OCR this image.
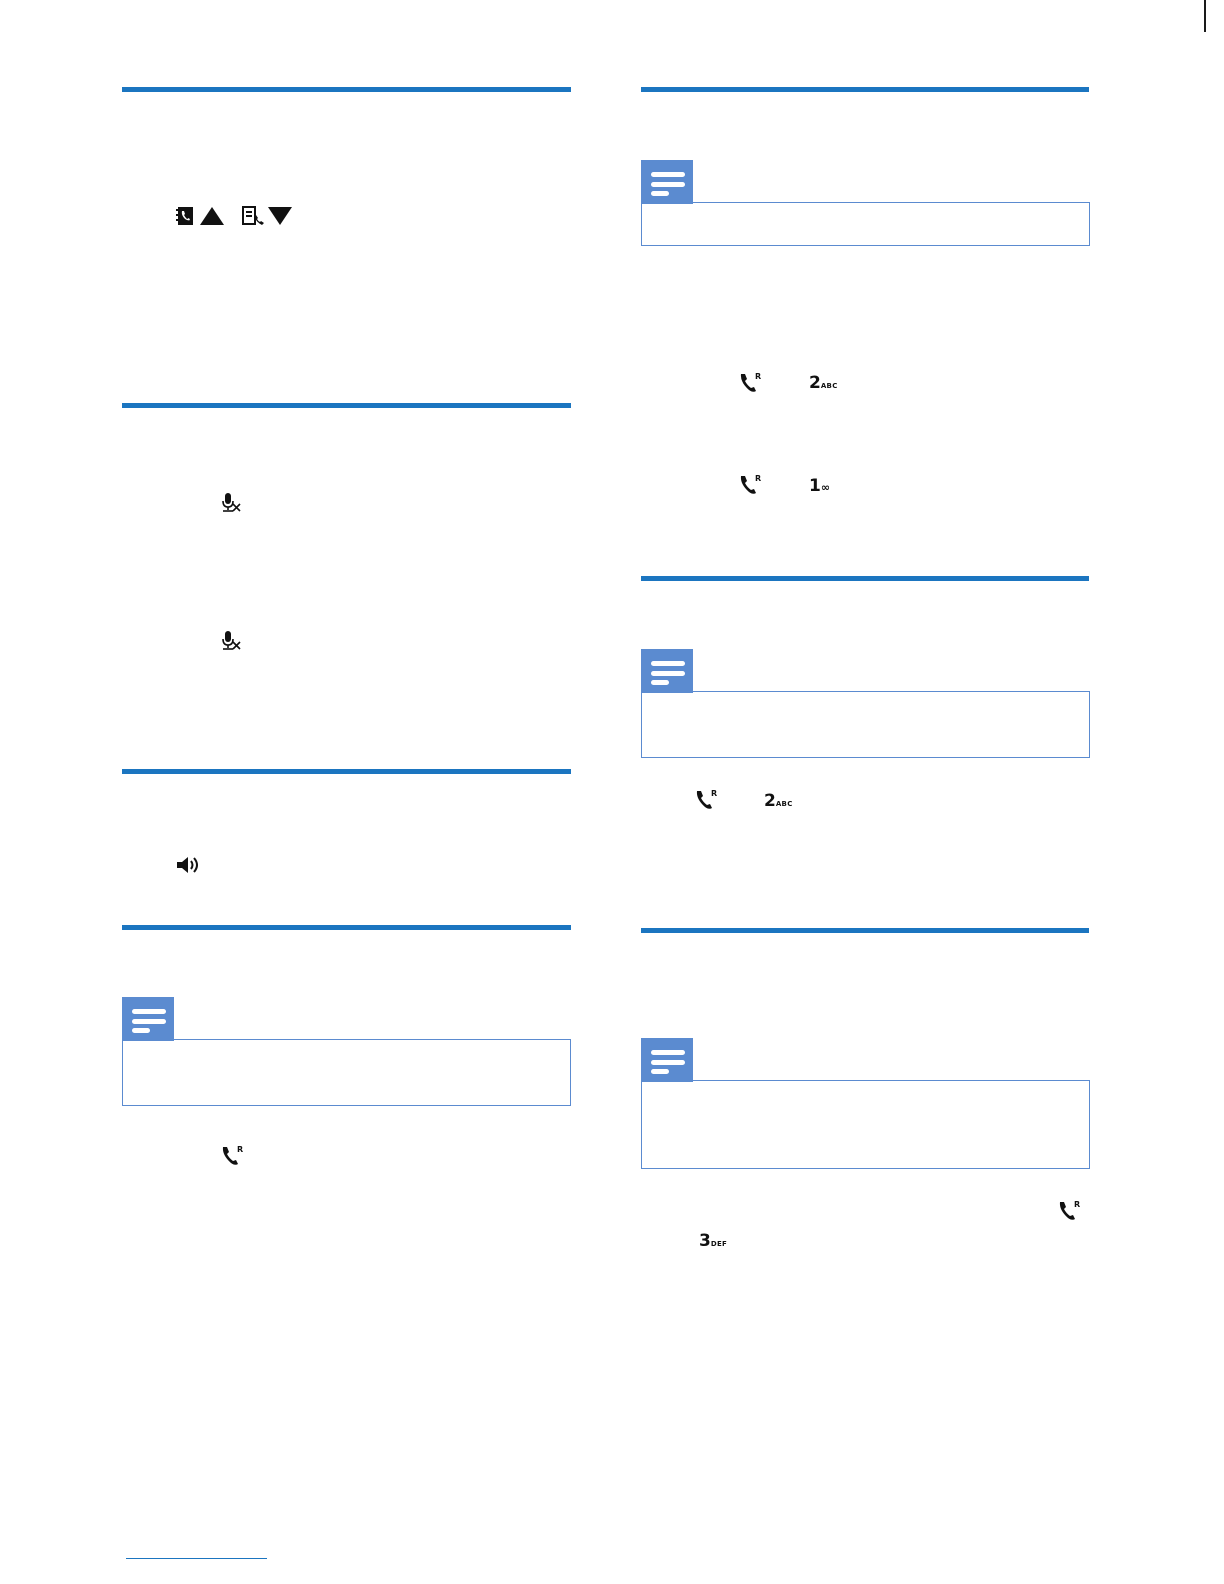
R
R	2ABC
R	1∞
R	2ABC
R
3DEF
